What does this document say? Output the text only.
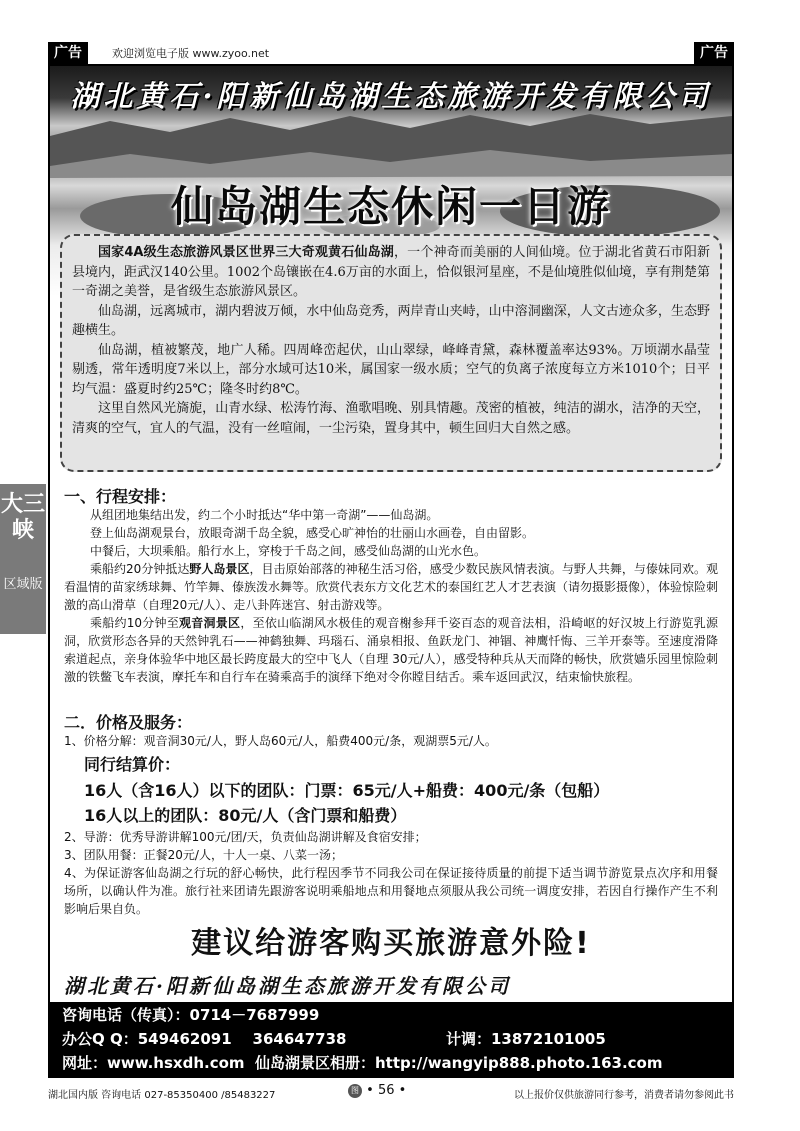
广告	欢迎浏览电子版 www.zyoo.net	广告
湖北黄石·阳新仙岛湖生态旅游开发有限公司
仙岛湖生态休闲一日游

国家4A级生态旅游风景区世界三大奇观黄石仙岛湖，一个神奇而美丽的人间仙境。位于湖北省黄石市阳新县境内，距武汉140公里。1002个岛镶嵌在4.6万亩的水面上，恰似银河星座，不是仙境胜似仙境，享有荆楚第一奇湖之美誉，是省级生态旅游风景区。

仙岛湖，远离城市，湖内碧波万倾，水中仙岛竞秀，两岸青山夹峙，山中溶洞幽深，人文古迹众多，生态野趣横生。

仙岛湖，植被繁茂，地广人稀。四周峰峦起伏，山山翠绿，峰峰青黛，森林覆盖率达93%。万顷湖水晶莹剔透，常年透明度7米以上，部分水域可达10米，属国家一级水质；空气的负离子浓度每立方米1010个；日平均气温：盛夏时约25℃；隆冬时约8℃。

这里自然风光旖旎，山青水绿、松涛竹海、渔歌唱晚、别具情趣。茂密的植被，纯洁的湖水，洁净的天空，清爽的空气，宜人的气温，没有一丝喧闹，一尘污染，置身其中，顿生回归大自然之感。

一、行程安排：

从组团地集结出发，约二个小时抵达“华中第一奇湖”——仙岛湖。

登上仙岛湖观景台，放眼奇湖千岛全貌，感受心旷神怡的壮丽山水画卷，自由留影。

中餐后，大坝乘船。船行水上，穿梭于千岛之间，感受仙岛湖的山光水色。

乘船约20分钟抵达野人岛景区，目击原始部落的神秘生活习俗，感受少数民族风情表演。与野人共舞，与傣妹同欢。观看温情的苗家绣球舞、竹竿舞、傣族泼水舞等。欣赏代表东方文化艺术的泰国红艺人才艺表演（请勿摄影摄像），体验惊险刺激的高山滑草（自理20元/人）、走八卦阵迷宫、射击游戏等。

乘船约10分钟至观音洞景区，至依山临湖风水极佳的观音榭参拜千姿百态的观音法相，沿崎岖的好汉坡上行游览乳源洞，欣赏形态各异的天然钟乳石——神鹤独舞、玛瑙石、涌泉相报、鱼跃龙门、神锢、神鹰忏悔、三羊开泰等。至速度滑降索道起点，亲身体验华中地区最长跨度最大的空中飞人（自理 30元/人），感受特种兵从天而降的畅快，欣赏嫱乐园里惊险刺激的铁鳖飞车表演，摩托车和自行车在骑乘高手的演绎下绝对令你瞠目结舌。乘车返回武汉，结束愉快旅程。

二．价格及服务：

1、价格分解：观音洞30元/人，野人岛60元/人，船费400元/条，观湖票5元/人。

同行结算价：
16人（含16人）以下的团队：门票：65元/人+船费：400元/条（包船）
16人以上的团队：80元/人（含门票和船费）

2、导游：优秀导游讲解100元/团/天，负责仙岛湖讲解及食宿安排；

3、团队用餐：正餐20元/人，十人一桌、八菜一汤；

4、为保证游客仙岛湖之行玩的舒心畅快，此行程因季节不同我公司在保证接待质量的前提下适当调节游览景点次序和用餐场所，以确认件为准。旅行社来团请先跟游客说明乘船地点和用餐地点须服从我公司统一调度安排，若因自行操作产生不利影响后果自负。

建议给游客购买旅游意外险!
湖北黄石·阳新仙岛湖生态旅游开发有限公司
咨询电话（传真）：0714－7687999
办公Q Q：549462091    364647738	计调：13872101005
网址：www.hsxdh.com  仙岛湖景区相册：http://wangyip888.photo.163.com
大三峡
区域版
湖北国内版 咨询电话 027-85350400 /85483227	图 • 56 •	以上报价仅供旅游同行参考，消费者请勿参阅此书
